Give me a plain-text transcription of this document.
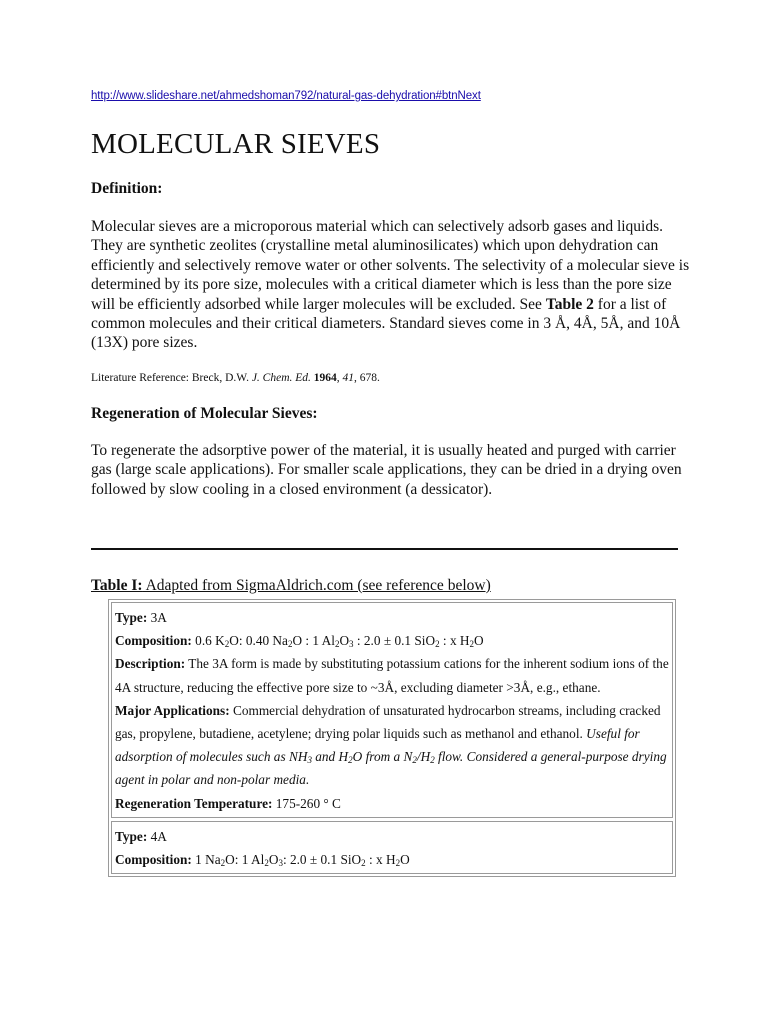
http://www.slideshare.net/ahmedshoman792/natural-gas-dehydration#btnNext
MOLECULAR SIEVES
Definition:
Molecular sieves are a microporous material which can selectively adsorb gases and liquids. They are synthetic zeolites (crystalline metal aluminosilicates) which upon dehydration can efficiently and selectively remove water or other solvents. The selectivity of a molecular sieve is determined by its pore size, molecules with a critical diameter which is less than the pore size will be efficiently adsorbed while larger molecules will be excluded. See Table 2 for a list of common molecules and their critical diameters. Standard sieves come in 3 Å, 4Å, 5Å, and 10Å (13X) pore sizes.
Literature Reference: Breck, D.W. J. Chem. Ed. 1964, 41, 678.
Regeneration of Molecular Sieves:
To regenerate the adsorptive power of the material, it is usually heated and purged with carrier gas (large scale applications). For smaller scale applications, they can be dried in a drying oven followed by slow cooling in a closed environment (a dessicator).
Table I: Adapted from SigmaAldrich.com (see reference below)
Type: 3A
Composition: 0.6 $K_2O$: 0.40 $Na_2O$ : 1 $Al_2O_3$ : 2.0 ± 0.1 SiO$_2$ : x $H_2O$
Description: The 3A form is made by substituting potassium cations for the inherent sodium ions of the 4A structure, reducing the effective pore size to ~3Å, excluding diameter >3Å, e.g., ethane.
Major Applications: Commercial dehydration of unsaturated hydrocarbon streams, including cracked gas, propylene, butadiene, acetylene; drying polar liquids such as methanol and ethanol. Useful for adsorption of molecules such as $NH_3$ and $H_2O$ from a $N_2/H_2$ flow. Considered a general-purpose drying agent in polar and non-polar media.
Regeneration Temperature: 175-260 ° C
Type: 4A
Composition: 1 $Na_2O$: 1 $Al_2O_3$: 2.0 ± 0.1 SiO$_2$ : x $H_2O$
